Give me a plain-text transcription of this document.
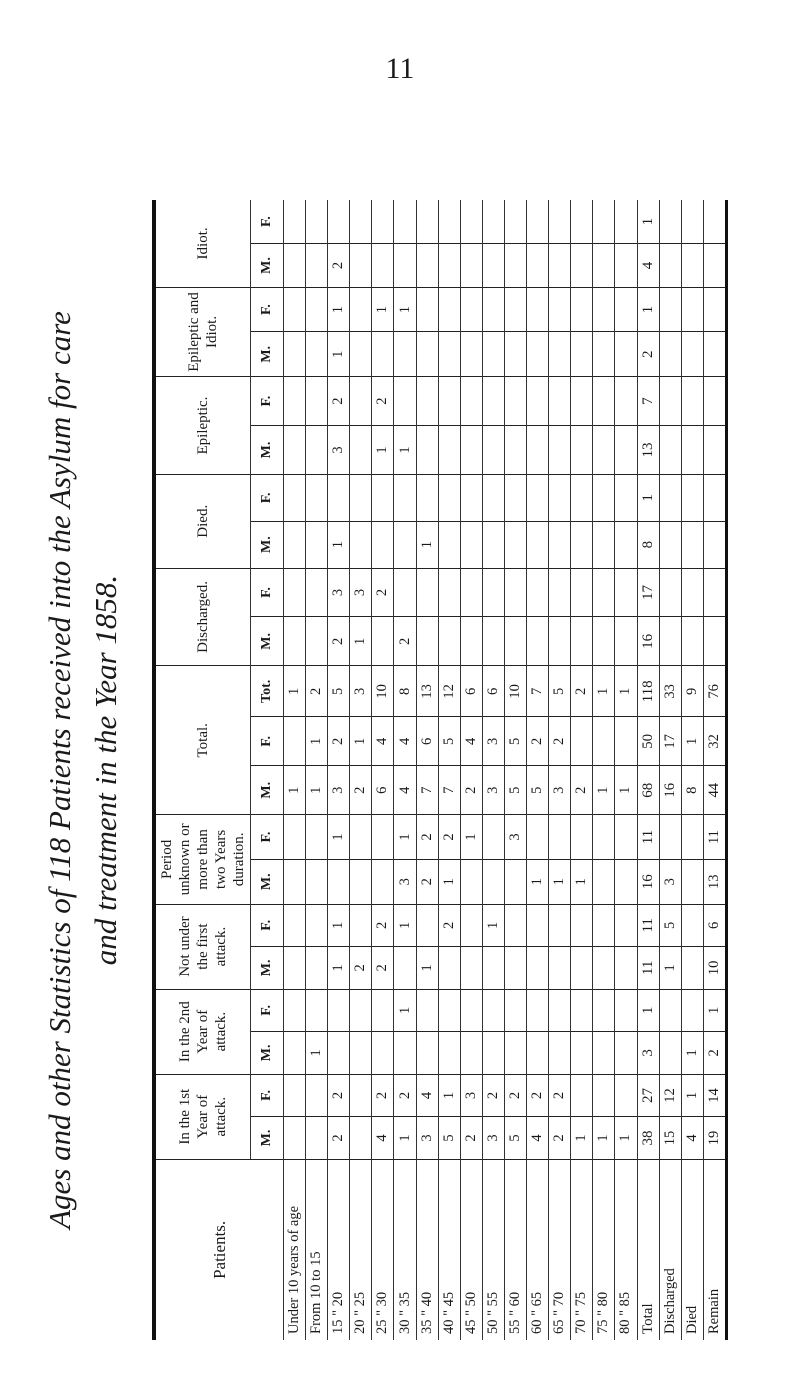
11
Ages and other Statistics of 118 Patients received into the Asylum for care and treatment in the Year 1858.
Patients.	In the 1st Year of attack.		In the 2nd Year of attack.		Not under the first attack.		Period unknown or more than two Years duration.		Total.			Discharged.		Died.		Epileptic.		Epileptic and Idiot.		Idiot.	
	M.	F.	M.	F.	M.	F.	M.	F.	M.	F.	Tot.	M.	F.	M.	F.	M.	F.	M.	F.	M.	F.
Under 10 years of age									1		1										
From 10 to 15			1						1	1	2										
15 " 20	2	2			1	1		1	3	2	5	2	3	1		3	2	1	1	2	
20 " 25					2				2	1	3	1	3								
25 " 30	4	2			2	2			6	4	10		2			1	2		1		
30 " 35	1	2		1		1	3	1	4	4	8	2				1			1		
35 " 40	3	4			1		2	2	7	6	13			1							
40 " 45	5	1				2	1	2	7	5	12										
45 " 50	2	3						1	2	4	6										
50 " 55	3	2				1			3	3	6										
55 " 60	5	2						3	5	5	10										
60 " 65	4	2					1		5	2	7										
65 " 70	2	2					1		3	2	5										
70 " 75	1						1		2		2										
75 " 80	1								1		1										
80 " 85	1								1		1										
Total	38	27	3	1	11	11	16	11	68	50	118	16	17	8	1	13	7	2	1	4	1
Discharged	15	12			1	5	3		16	17	33										
Died	4	1	1						8	1	9										
Remain	19	14	2	1	10	6	13	11	44	32	76										
